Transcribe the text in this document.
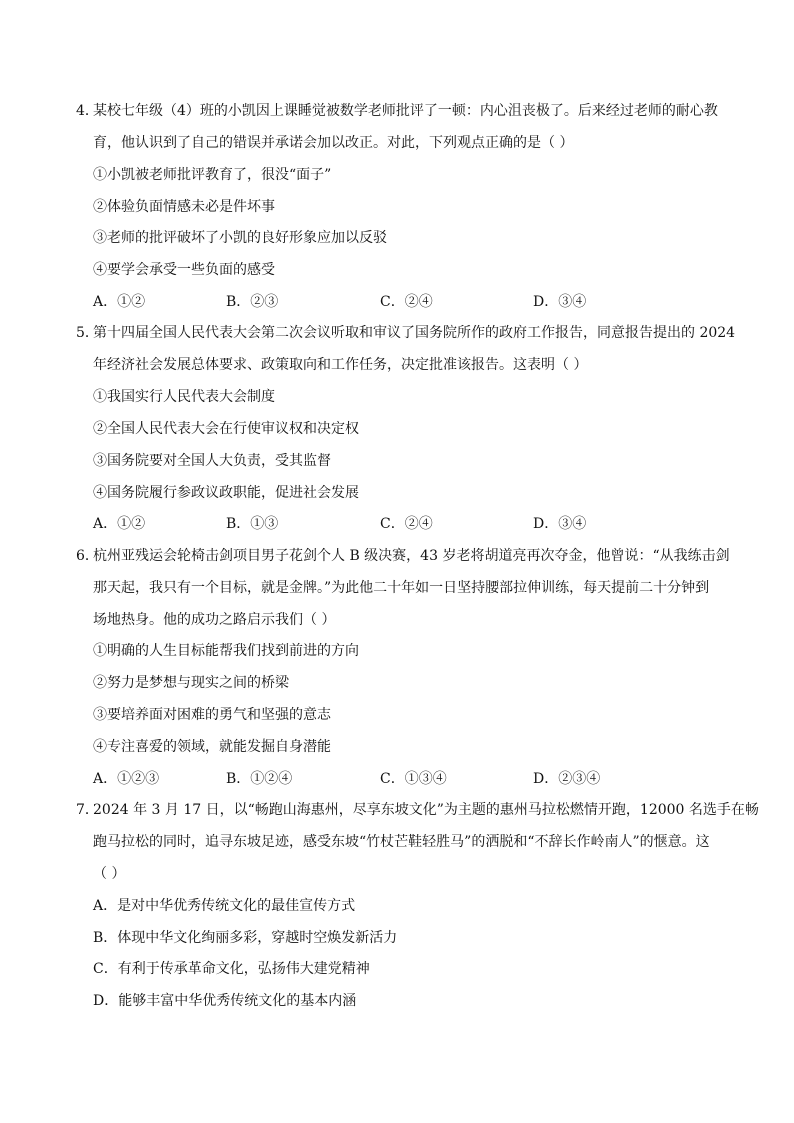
4．
某校七年级（4）班的小凯因上课睡觉被数学老师批评了一顿：内心沮丧极了。后来经过老师的耐心教
育，他认识到了自己的错误并承诺会加以改正。对此，下列观点正确的是（ ）
①小凯被老师批评教育了，很没“面子”
②体验负面情感未必是件坏事
③老师的批评破坏了小凯的良好形象应加以反驳
④要学会承受一些负面的感受
A．①②	B．②③	C．②④	D．③④
5．
第十四届全国人民代表大会第二次会议听取和审议了国务院所作的政府工作报告，同意报告提出的 2024
年经济社会发展总体要求、政策取向和工作任务，决定批准该报告。这表明（ ）
①我国实行人民代表大会制度
②全国人民代表大会在行使审议权和决定权
③国务院要对全国人大负责，受其监督
④国务院履行参政议政职能，促进社会发展
A．①②	B．①③	C．②④	D．③④
6．
杭州亚残运会轮椅击剑项目男子花剑个人 B 级决赛，43 岁老将胡道亮再次夺金，他曾说：“从我练击剑
那天起，我只有一个目标，就是金牌。”为此他二十年如一日坚持腰部拉伸训练，每天提前二十分钟到
场地热身。他的成功之路启示我们（ ）
①明确的人生目标能帮我们找到前进的方向
②努力是梦想与现实之间的桥梁
③要培养面对困难的勇气和坚强的意志
④专注喜爱的领域，就能发掘自身潜能
A．①②③	B．①②④	C．①③④	D．②③④
7．
2024 年 3 月 17 日，以“畅跑山海惠州，尽享东坡文化”为主题的惠州马拉松燃情开跑，12000 名选手在畅
跑马拉松的同时，追寻东坡足迹，感受东坡“竹杖芒鞋轻胜马”的洒脱和“不辞长作岭南人”的惬意。这
（ ）
A．是对中华优秀传统文化的最佳宣传方式
B．体现中华文化绚丽多彩，穿越时空焕发新活力
C．有利于传承革命文化，弘扬伟大建党精神
D．能够丰富中华优秀传统文化的基本内涵
